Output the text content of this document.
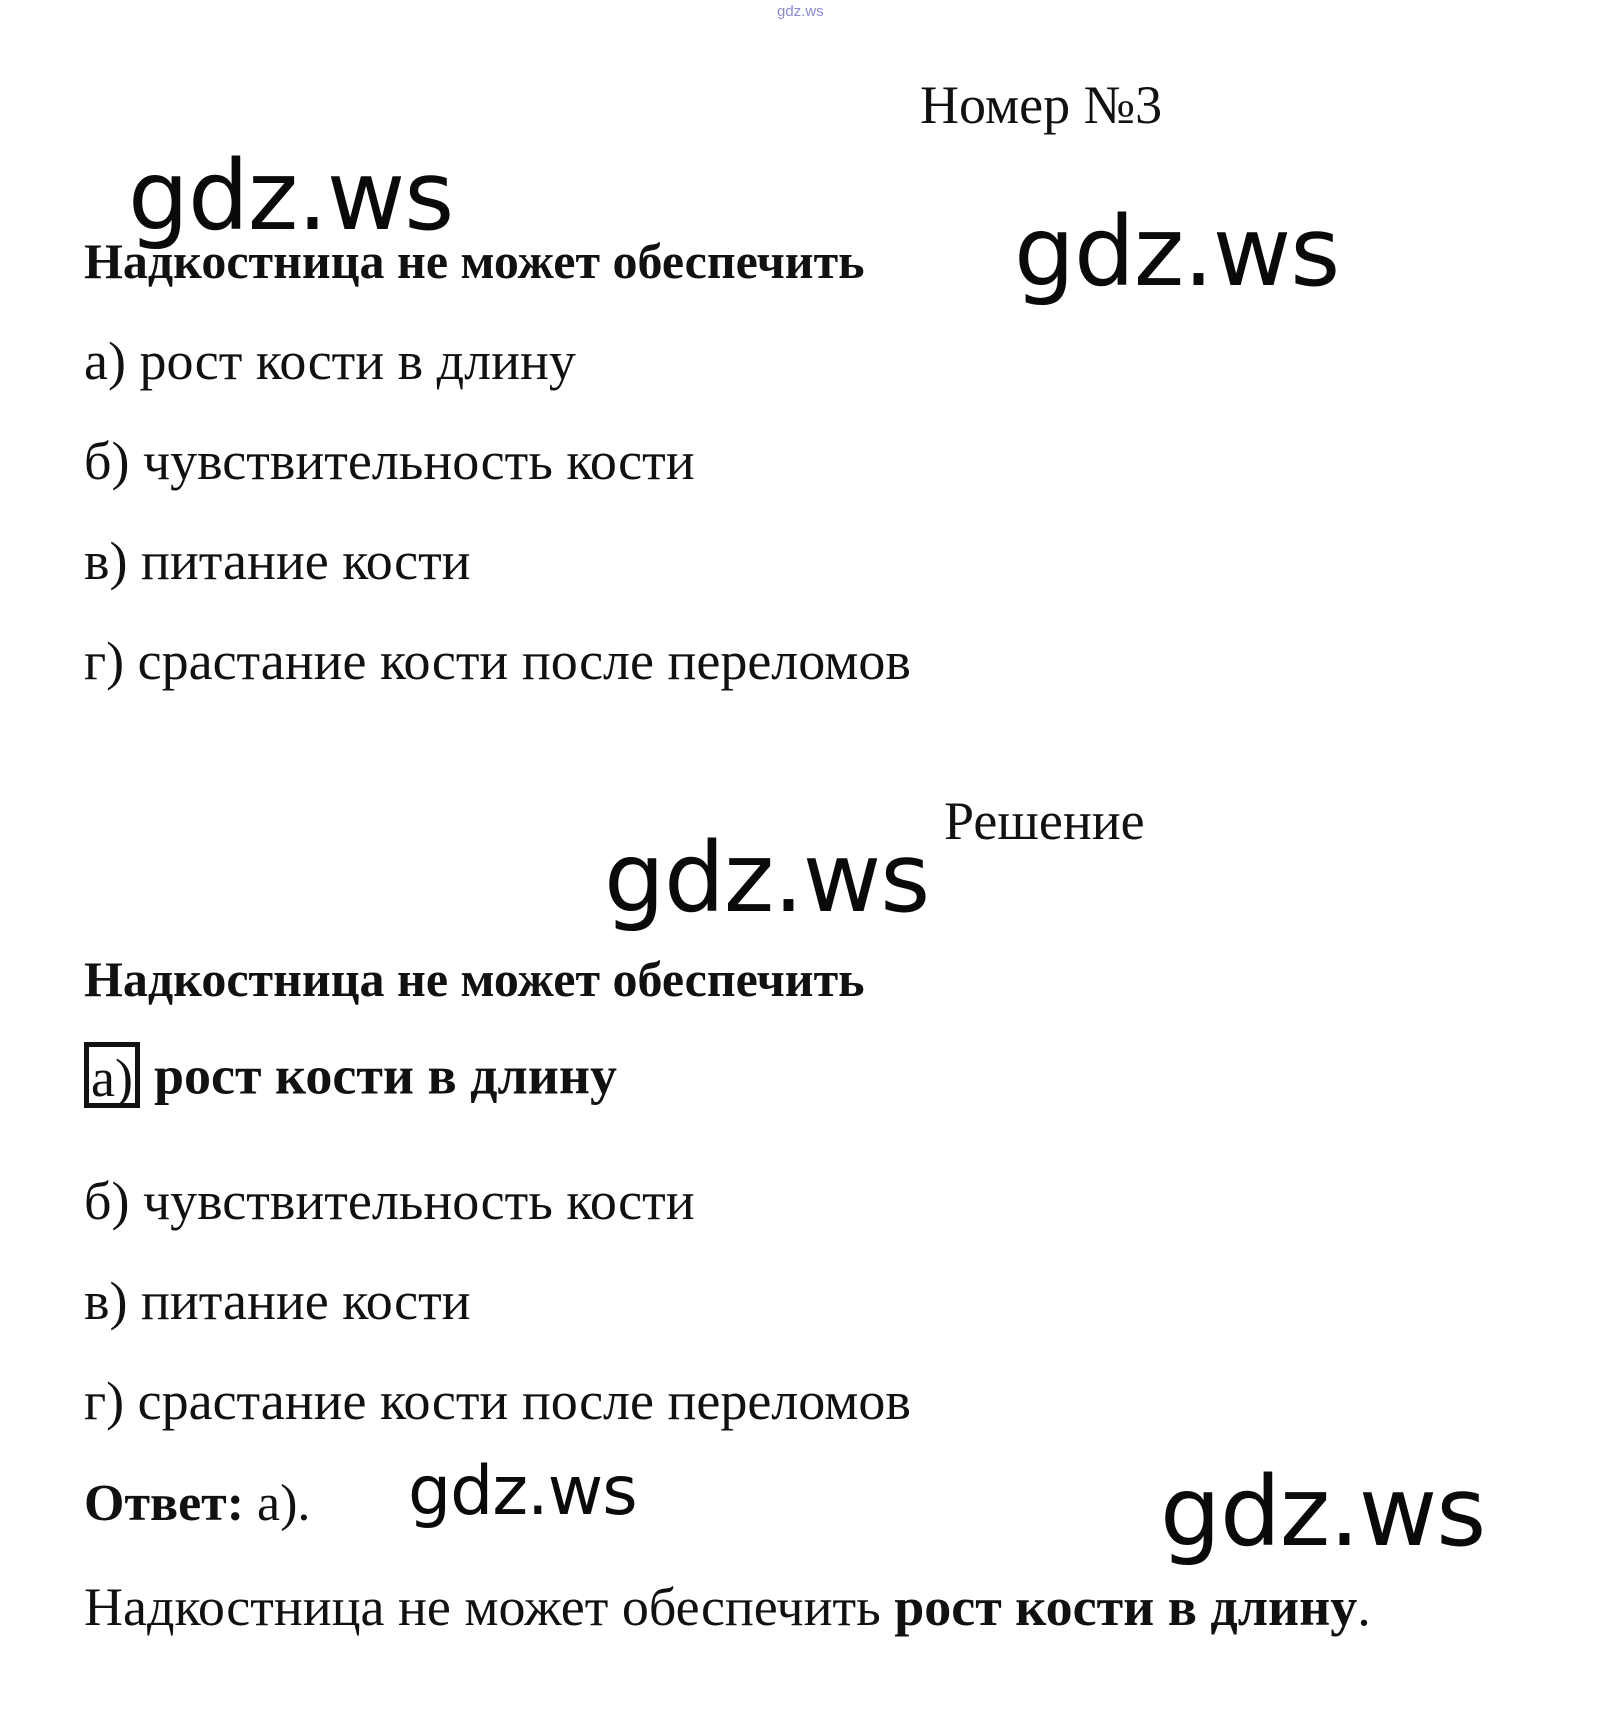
gdz.ws
Номер №3
gdz.ws	gdz.ws
Надкостница не может обеспечить
а) рост кости в длину
б) чувствительность кости
в) питание кости
г) срастание кости после переломов
Решение
gdz.ws
Надкостница не может обеспечить
а) рост кости в длину
б) чувствительность кости
в) питание кости
г) срастание кости после переломов
Ответ: а). gdz.ws	gdz.ws
Надкостница не может обеспечить рост кости в длину.
